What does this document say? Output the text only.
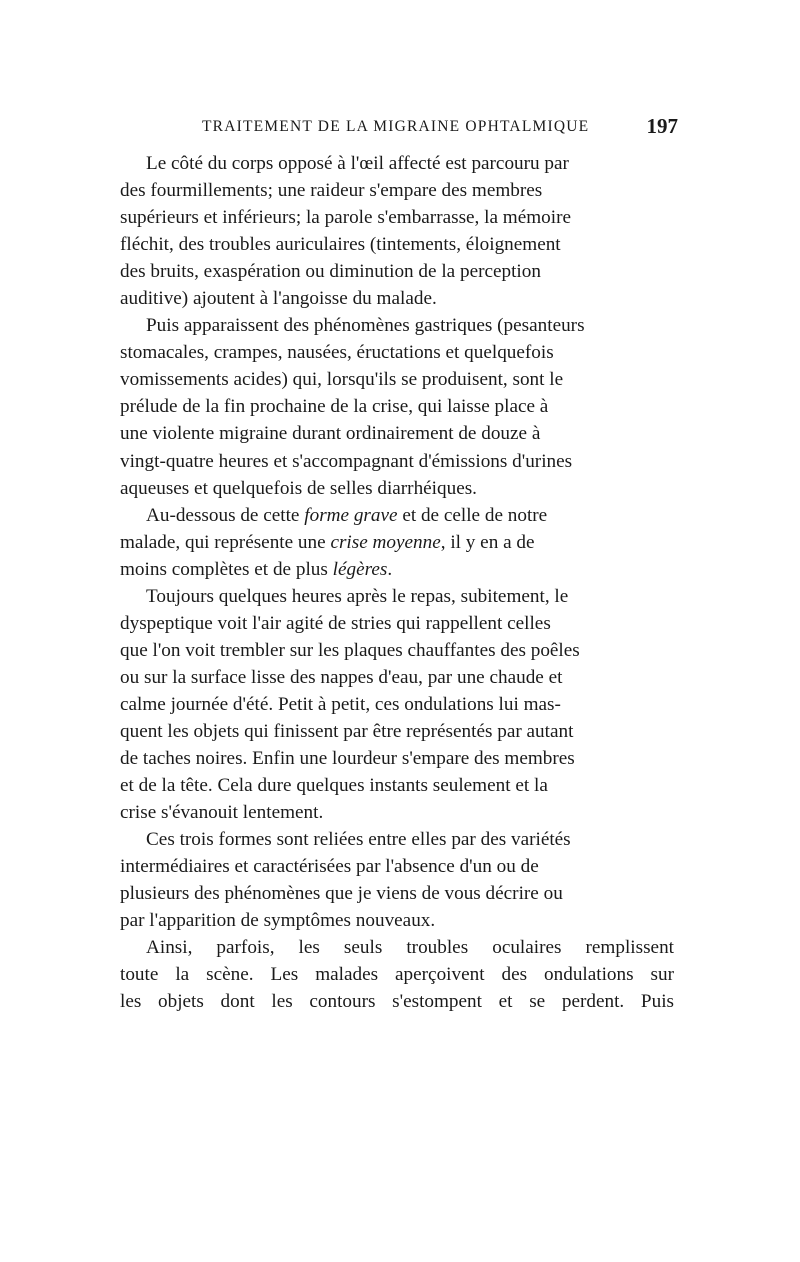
TRAITEMENT DE LA MIGRAINE OPHTALMIQUE	197

Le côté du corps opposé à l'œil affecté est parcouru par
des fourmillements; une raideur s'empare des membres
supérieurs et inférieurs; la parole s'embarrasse, la mémoire
fléchit, des troubles auriculaires (tintements, éloignement
des bruits, exaspération ou diminution de la perception
auditive) ajoutent à l'angoisse du malade.

Puis apparaissent des phénomènes gastriques (pesanteurs
stomacales, crampes, nausées, éructations et quelquefois
vomissements acides) qui, lorsqu'ils se produisent, sont le
prélude de la fin prochaine de la crise, qui laisse place à
une violente migraine durant ordinairement de douze à
vingt-quatre heures et s'accompagnant d'émissions d'urines
aqueuses et quelquefois de selles diarrhéiques.

Au-dessous de cette forme grave et de celle de notre
malade, qui représente une crise moyenne, il y en a de
moins complètes et de plus légères.

Toujours quelques heures après le repas, subitement, le
dyspeptique voit l'air agité de stries qui rappellent celles
que l'on voit trembler sur les plaques chauffantes des poêles
ou sur la surface lisse des nappes d'eau, par une chaude et
calme journée d'été. Petit à petit, ces ondulations lui mas-
quent les objets qui finissent par être représentés par autant
de taches noires. Enfin une lourdeur s'empare des membres
et de la tête. Cela dure quelques instants seulement et la
crise s'évanouit lentement.

Ces trois formes sont reliées entre elles par des variétés
intermédiaires et caractérisées par l'absence d'un ou de
plusieurs des phénomènes que je viens de vous décrire ou
par l'apparition de symptômes nouveaux.

Ainsi, parfois, les seuls troubles oculaires remplissent
toute la scène. Les malades aperçoivent des ondulations sur
les objets dont les contours s'estompent et se perdent. Puis
